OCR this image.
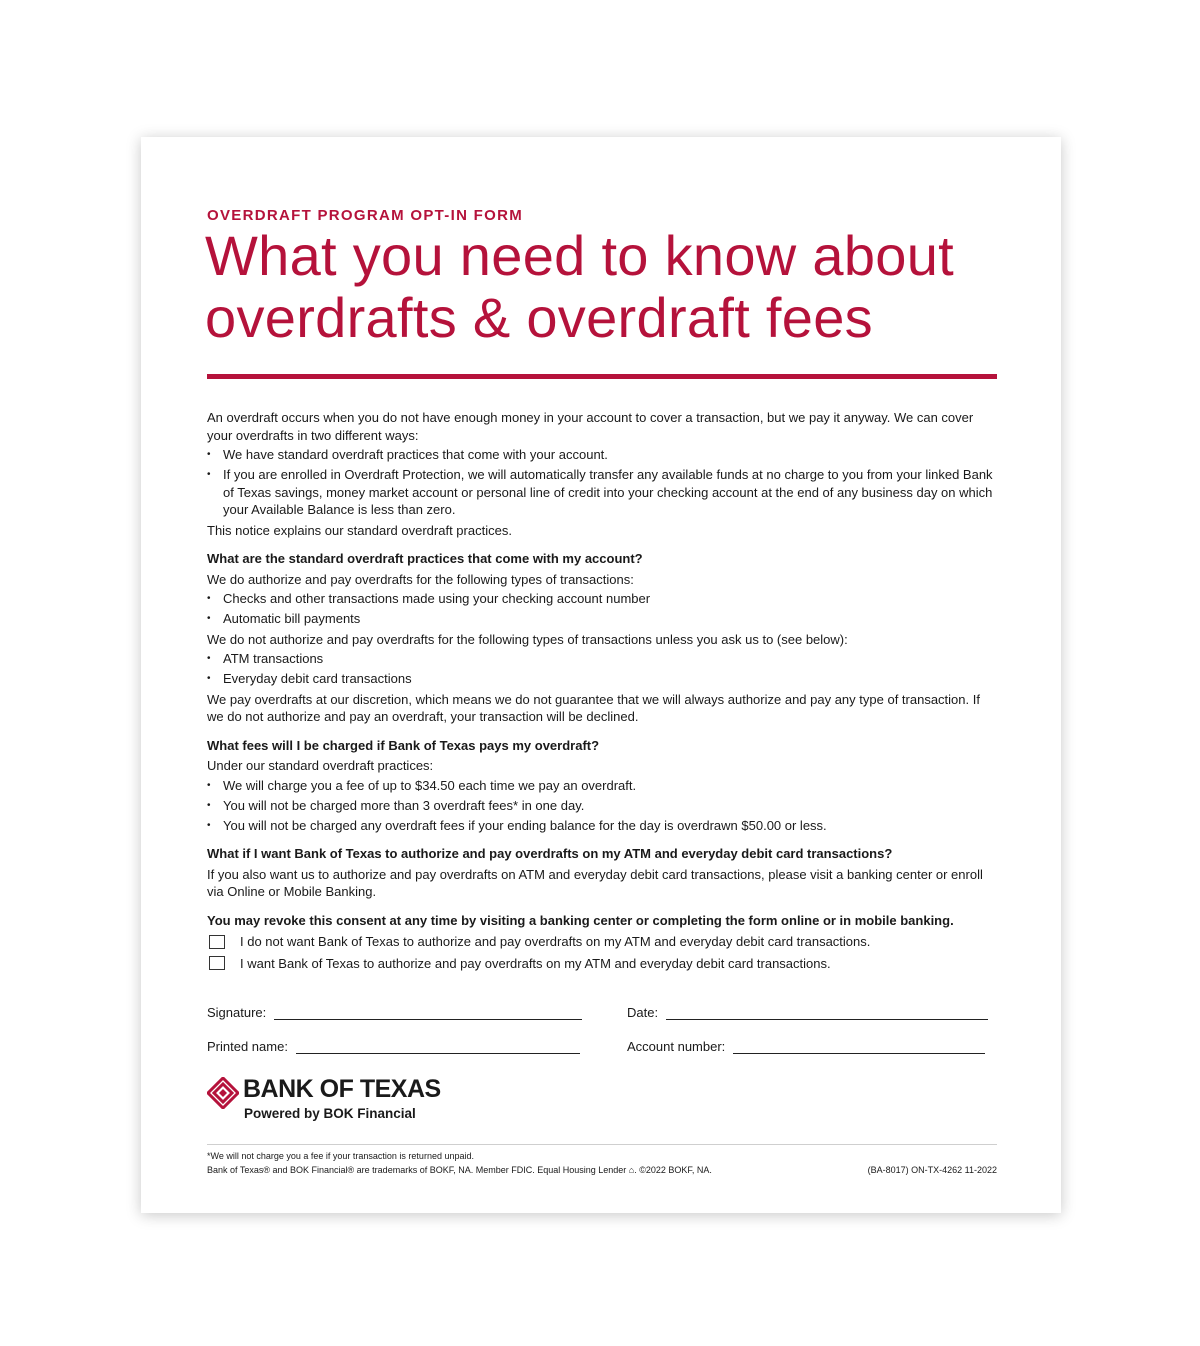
OVERDRAFT PROGRAM OPT-IN FORM
What you need to know about
overdrafts & overdraft fees

An overdraft occurs when you do not have enough money in your account to cover a transaction, but we pay it anyway. We can cover your overdrafts in two different ways:

• We have standard overdraft practices that come with your account.
• If you are enrolled in Overdraft Protection, we will automatically transfer any available funds at no charge to you from your linked Bank of Texas savings, money market account or personal line of credit into your checking account at the end of any business day on which your Available Balance is less than zero.

This notice explains our standard overdraft practices.

What are the standard overdraft practices that come with my account?

We do authorize and pay overdrafts for the following types of transactions:

• Checks and other transactions made using your checking account number
• Automatic bill payments

We do not authorize and pay overdrafts for the following types of transactions unless you ask us to (see below):

• ATM transactions
• Everyday debit card transactions

We pay overdrafts at our discretion, which means we do not guarantee that we will always authorize and pay any type of transaction. If we do not authorize and pay an overdraft, your transaction will be declined.

What fees will I be charged if Bank of Texas pays my overdraft?

Under our standard overdraft practices:

• We will charge you a fee of up to $34.50 each time we pay an overdraft.
• You will not be charged more than 3 overdraft fees* in one day.
• You will not be charged any overdraft fees if your ending balance for the day is overdrawn $50.00 or less.

What if I want Bank of Texas to authorize and pay overdrafts on my ATM and everyday debit card transactions?

If you also want us to authorize and pay overdrafts on ATM and everyday debit card transactions, please visit a banking center or enroll via Online or Mobile Banking.

You may revoke this consent at any time by visiting a banking center or completing the form online or in mobile banking.

I do not want Bank of Texas to authorize and pay overdrafts on my ATM and everyday debit card transactions.
I want Bank of Texas to authorize and pay overdrafts on my ATM and everyday debit card transactions.
Signature:	Date:
Printed name:	Account number:
BANK OF TEXAS
Powered by BOK Financial
*We will not charge you a fee if your transaction is returned unpaid.
Bank of Texas® and BOK Financial® are trademarks of BOKF, NA. Member FDIC. Equal Housing Lender ⌂. ©2022 BOKF, NA.	(BA-8017) ON-TX-4262 11-2022
